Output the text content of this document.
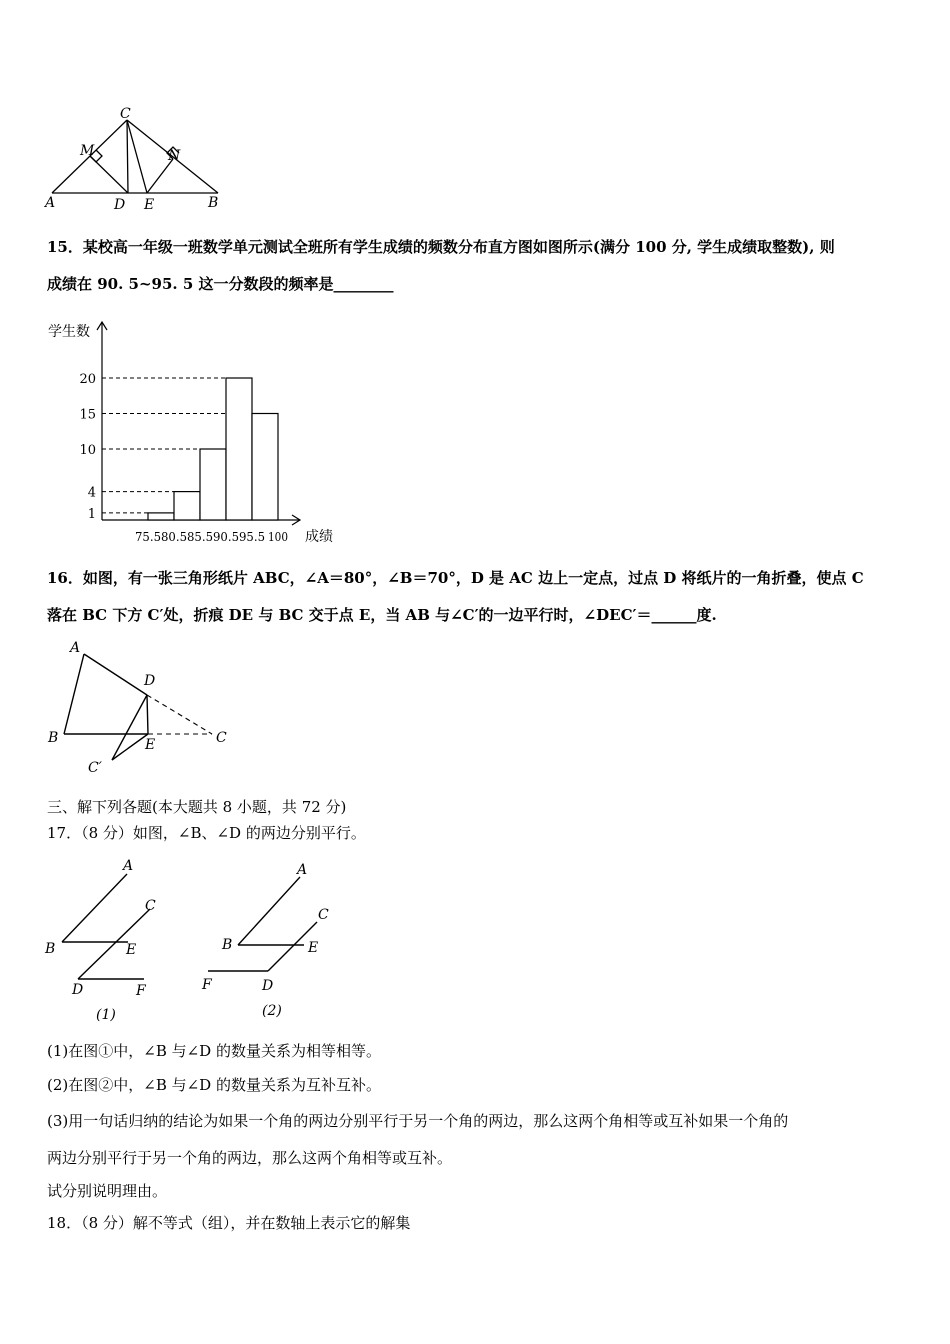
A
C
M	N
D E	B
15．某校高一年级一班数学单元测试全班所有学生成绩的频数分布直方图如图所示(满分 100 分, 学生成绩取整数), 则
成绩在 90. 5~95. 5 这一分数段的频率是________
学生数
成绩
1
4
10
15
20
75.5 80.5 85.5 90.5 95.5 100
16．如图，有一张三角形纸片 ABC，∠A＝80°，∠B＝70°，D 是 AC 边上一定点，过点 D 将纸片的一角折叠，使点 C
落在 BC 下方 C′处，折痕 DE 与 BC 交于点 E，当 AB 与∠C′的一边平行时，∠DEC′＝______度.
A
D
B	E	C
C′
三、解下列各题(本大题共 8 小题，共 72 分)
17．（8 分）如图，∠B、∠D 的两边分别平行。
A
C
B	E
D	F
(1)
A
C
B	E
F	D
(2)
(1)在图①中，∠B 与∠D 的数量关系为相等相等。
(2)在图②中，∠B 与∠D 的数量关系为互补互补。
(3)用一句话归纳的结论为如果一个角的两边分别平行于另一个角的两边，那么这两个角相等或互补如果一个角的
两边分别平行于另一个角的两边，那么这两个角相等或互补。
试分别说明理由。
18．（8 分）解不等式（组），并在数轴上表示它的解集
